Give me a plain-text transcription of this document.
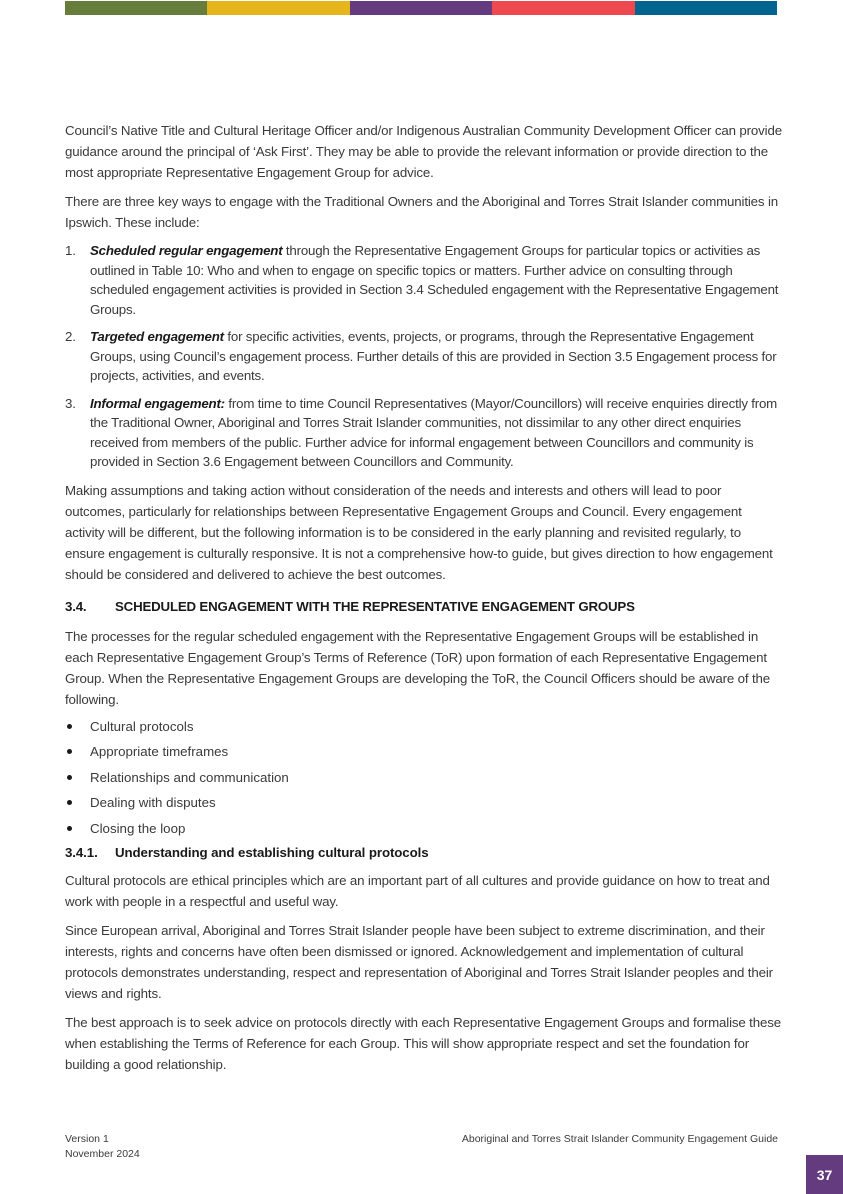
Council’s Native Title and Cultural Heritage Officer and/or Indigenous Australian Community Development Officer can provide guidance around the principal of ‘Ask First’. They may be able to provide the relevant information or provide direction to the most appropriate Representative Engagement Group for advice.

There are three key ways to engage with the Traditional Owners and the Aboriginal and Torres Strait Islander communities in Ipswich. These include:

1. Scheduled regular engagement through the Representative Engagement Groups for particular topics or activities as outlined in Table 10: Who and when to engage on specific topics or matters. Further advice on consulting through scheduled engagement activities is provided in Section 3.4 Scheduled engagement with the Representative Engagement Groups.
2. Targeted engagement for specific activities, events, projects, or programs, through the Representative Engagement Groups, using Council’s engagement process. Further details of this are provided in Section 3.5 Engagement process for projects, activities, and events.
3. Informal engagement: from time to time Council Representatives (Mayor/Councillors) will receive enquiries directly from the Traditional Owner, Aboriginal and Torres Strait Islander communities, not dissimilar to any other direct enquiries received from members of the public. Further advice for informal engagement between Councillors and community is provided in Section 3.6 Engagement between Councillors and Community.

Making assumptions and taking action without consideration of the needs and interests and others will lead to poor outcomes, particularly for relationships between Representative Engagement Groups and Council. Every engagement activity will be different, but the following information is to be considered in the early planning and revisited regularly, to ensure engagement is culturally responsive. It is not a comprehensive how-to guide, but gives direction to how engagement should be considered and delivered to achieve the best outcomes.

3.4.	SCHEDULED ENGAGEMENT WITH THE REPRESENTATIVE ENGAGEMENT GROUPS

The processes for the regular scheduled engagement with the Representative Engagement Groups will be established in each Representative Engagement Group’s Terms of Reference (ToR) upon formation of each Representative Engagement Group. When the Representative Engagement Groups are developing the ToR, the Council Officers should be aware of the following.

Cultural protocols
Appropriate timeframes
Relationships and communication
Dealing with disputes
Closing the loop
3.4.1.	Understanding and establishing cultural protocols

Cultural protocols are ethical principles which are an important part of all cultures and provide guidance on how to treat and work with people in a respectful and useful way.

Since European arrival, Aboriginal and Torres Strait Islander people have been subject to extreme discrimination, and their interests, rights and concerns have often been dismissed or ignored. Acknowledgement and implementation of cultural protocols demonstrates understanding, respect and representation of Aboriginal and Torres Strait Islander peoples and their views and rights.

The best approach is to seek advice on protocols directly with each Representative Engagement Groups and formalise these when establishing the Terms of Reference for each Group. This will show appropriate respect and set the foundation for building a good relationship.

Version 1
November 2024
Aboriginal and Torres Strait Islander Community Engagement Guide
37
